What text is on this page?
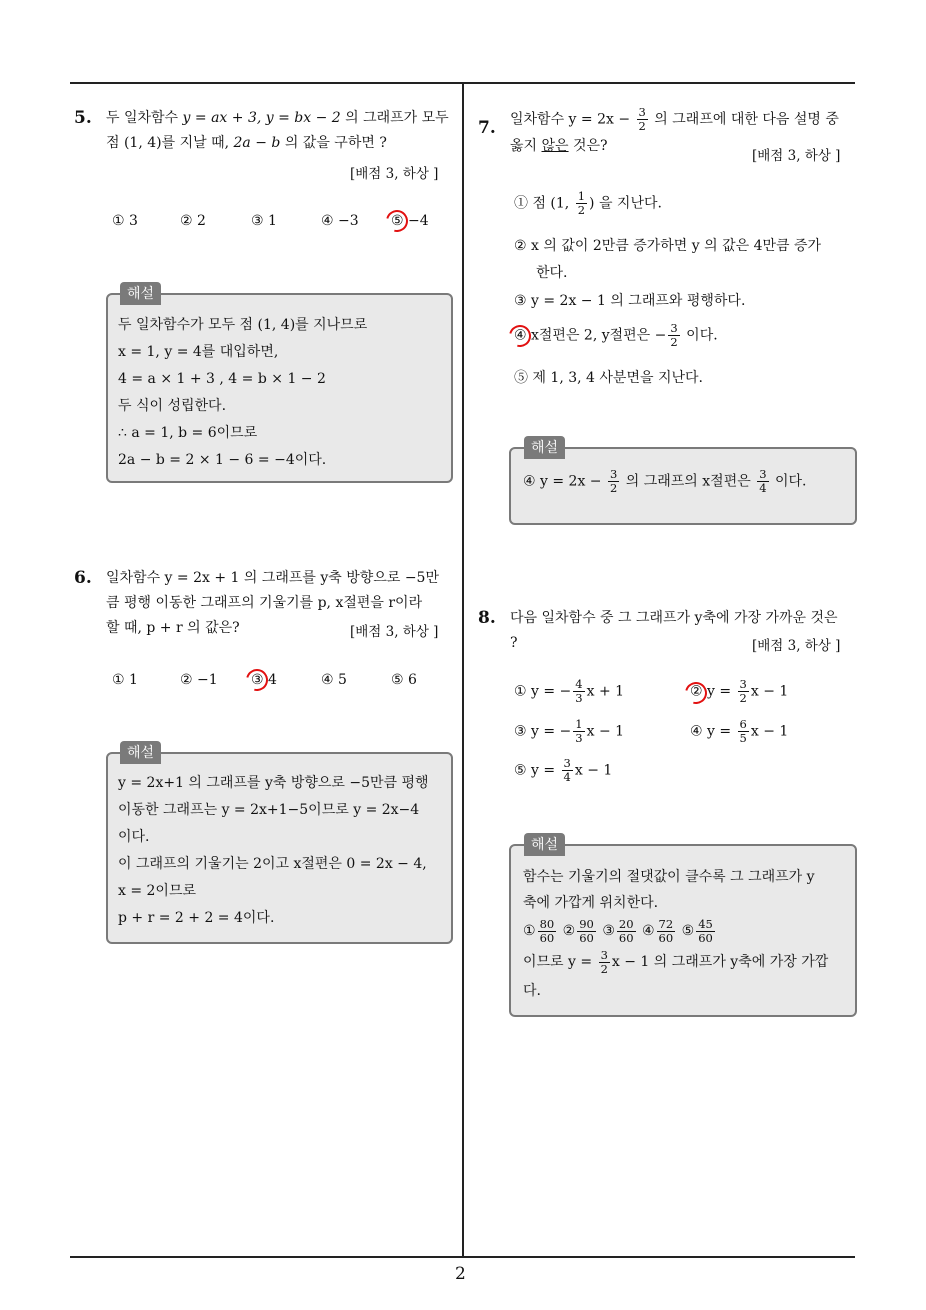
2
5. 두 일차함수 y = ax + 3, y = bx − 2 의 그래프가 모두
점 (1, 4)를 지날 때, 2a − b 의 값을 구하면 ?
[배점 3, 하상 ]
① 3	② 2	③ 1	④ −3 ⑤ −4
해설
두 일차함수가 모두 점 (1, 4)를 지나므로
x = 1, y = 4를 대입하면,
4 = a × 1 + 3 , 4 = b × 1 − 2
두 식이 성립한다.
∴ a = 1, b = 6이므로
2a − b = 2 × 1 − 6 = −4이다.
6. 일차함수 y = 2x + 1 의 그래프를 y축 방향으로 −5만
큼 평행 이동한 그래프의 기울기를 p, x절편을 r이라
할 때, p + r 의 값은?	[배점 3, 하상 ]
① 1	② −1 ③ 4	④ 5	⑤ 6
해설
y = 2x+1 의 그래프를 y축 방향으로 −5만큼 평행
이동한 그래프는 y = 2x+1−5이므로 y = 2x−4
이다.
이 그래프의 기울기는 2이고 x절편은 0 = 2x − 4,
x = 2이므로
p + r = 2 + 2 = 4이다.
7. 일차함수 $y = 2x - \frac{3}{2}$ 의 그래프에 대한 다음 설명 중
옳지 않은 것은?
[배점 3, 하상 ]
① 점 (1, $\frac{1}{2}$ ) 을 지난다.
② x 의 값이 2만큼 증가하면 y 의 값은 4만큼 증가
한다.
③ y = 2x − 1 의 그래프와 평행하다.
④ x절편은 2, y절편은 − $\frac{3}{2}$ 이다.
⑤ 제 1, 3, 4 사분면을 지난다.
해설
④ $y = 2x - \frac{3}{2}$ 의 그래프의 x절편은 $\frac{3}{4}$ 이다.
8. 다음 일차함수 중 그 그래프가 y축에 가장 가까운 것은
?	[배점 3, 하상 ]
① y = − $\frac{4}{3}$ x + 1	② $y = \frac{3}{2}$ x − 1
③ y = − $\frac{1}{3}$ x − 1	④ $y = \frac{6}{5}$ x − 1
⑤ $y = \frac{3}{4}$ x − 1
해설
함수는 기울기의 절댓값이 클수록 그 그래프가 y
축에 가깝게 위치한다.
① $\frac{80}{60}$ ② $\frac{90}{60}$ ③ $\frac{20}{60}$ ④ $\frac{72}{60}$ ⑤ $\frac{45}{60}$
이므로 $y = \frac{3}{2}$ x − 1 의 그래프가 y축에 가장 가깝
다.
